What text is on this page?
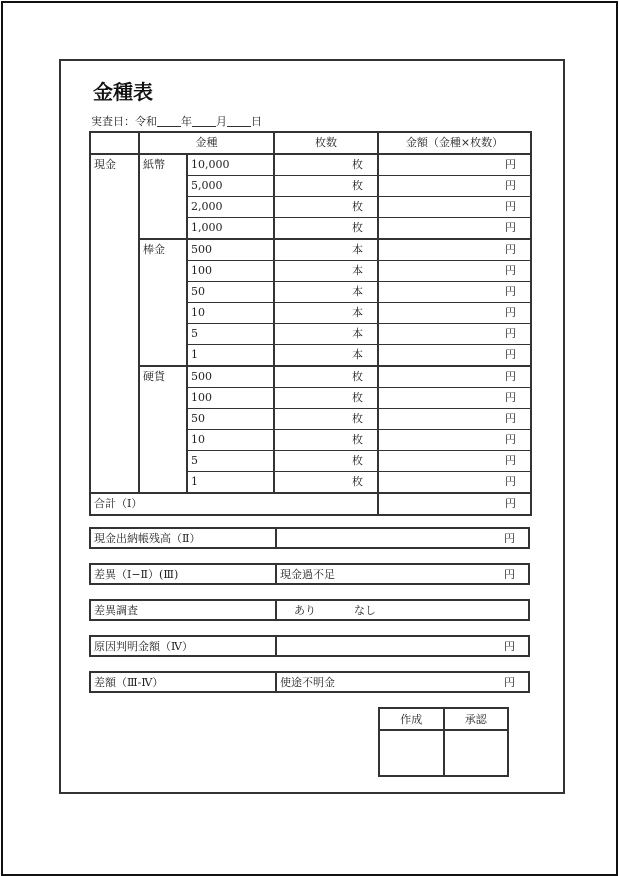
金種表
実査日：令和 年 月 日
	金種		枚数	金額（金種×枚数）
現金	紙幣	10,000	枚	円
		5,000	枚	円
		2,000	枚	円
		1,000	枚	円
	棒金	500	本	円
		100	本	円
		50	本	円
		10	本	円
		5	本	円
		1	本	円
	硬貨	500	枚	円
		100	枚	円
		50	枚	円
		10	枚	円
		5	枚	円
		1	枚	円
合計（Ⅰ）				円
現金出納帳残高（Ⅱ）	円
差異（Ⅰ−Ⅱ）(Ⅲ)	現金過不足	円
差異調査	あり	なし
原因判明金額（Ⅳ）	円
差額（Ⅲ-Ⅳ）	使途不明金	円
作成	承認
